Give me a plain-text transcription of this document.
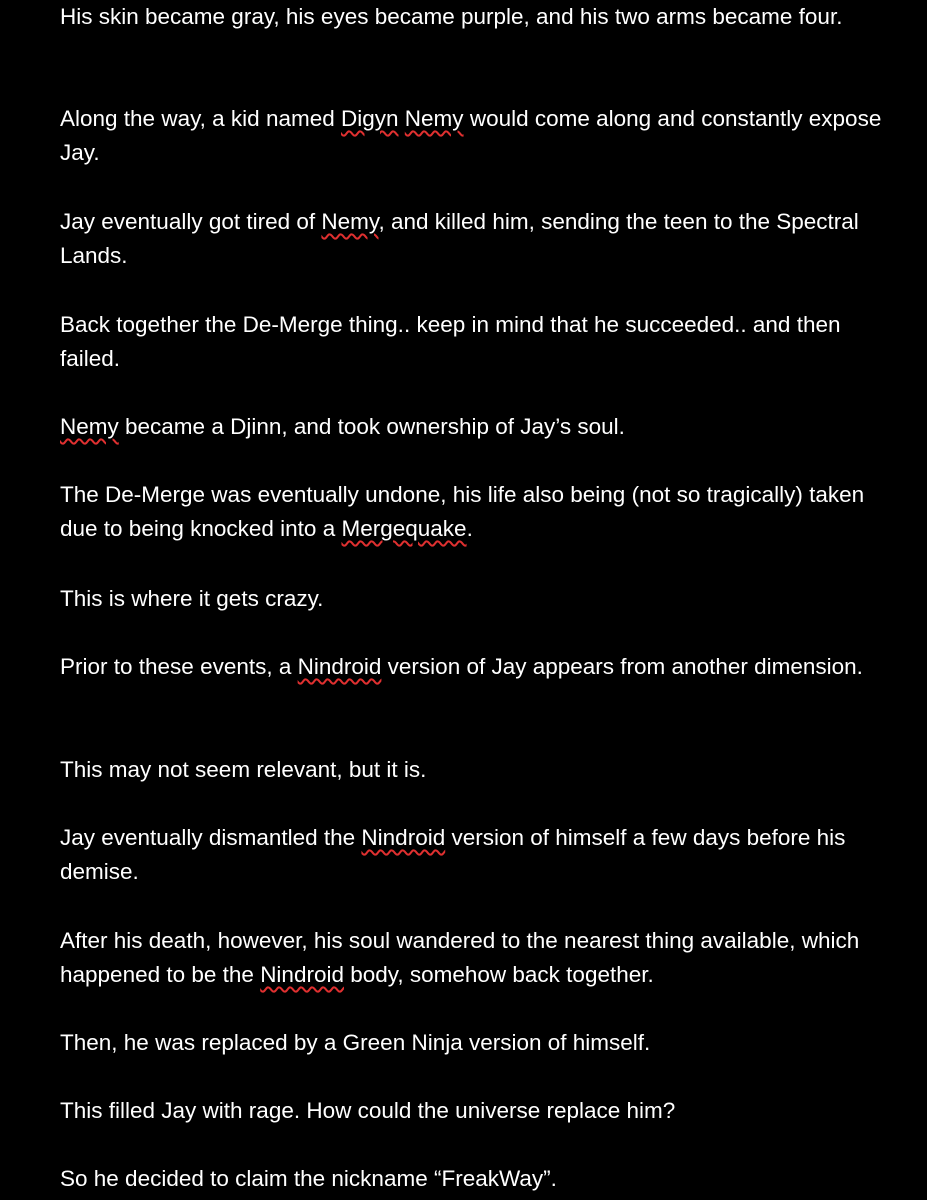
His skin became gray, his eyes became purple, and his two arms became four.

Along the way, a kid named Digyn Nemy would come along and constantly expose Jay.

Jay eventually got tired of Nemy, and killed him, sending the teen to the Spectral Lands.

Back together the De-Merge thing.. keep in mind that he succeeded.. and then failed.

Nemy became a Djinn, and took ownership of Jay’s soul.

The De-Merge was eventually undone, his life also being (not so tragically) taken due to being knocked into a Mergequake.

This is where it gets crazy.

Prior to these events, a Nindroid version of Jay appears from another dimension.

This may not seem relevant, but it is.

Jay eventually dismantled the Nindroid version of himself a few days before his demise.

After his death, however, his soul wandered to the nearest thing available, which happened to be the Nindroid body, somehow back together.

Then, he was replaced by a Green Ninja version of himself.

This filled Jay with rage. How could the universe replace him?

So he decided to claim the nickname “FreakWay”.
